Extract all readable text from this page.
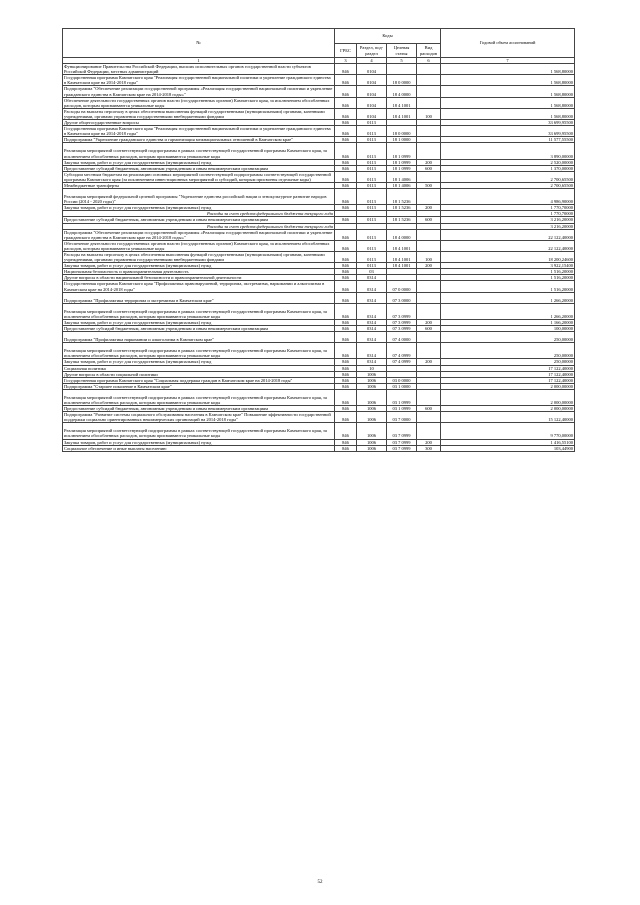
№	Коды				Годовой объем ассигнований
	ГРБС	Раздел, под-раздел	Целевая статья	Вид расходов	
1	3	4	5	6	7
Функционирование Правительства Российской Федерации, высших исполнительных органов государственной власти субъектов Российской Федерации, местных администраций	846	0104			1 568,80000
Государственная программа Камчатского края "Реализация государственной национальной политики и укрепление гражданского единства в Камчатском крае на 2014-2018 годы"	846	0104	18 0 0000		1 568,80000
Подпрограмма "Обеспечение реализации государственной программы «Реализация государственной национальной политики и укрепление гражданского единства в Камчатском крае на 2014-2018 годы»"	846	0104	18 4 0000		1 568,80000
Обеспечение деятельности государственных органов власти (государственных органов) Камчатского края, за исключением обособленных расходов, которым присваиваются уникальные коды	846	0104	18 4 1001		1 568,80000
Расходы на выплаты персоналу в целях обеспечения выполнения функций государственными (муниципальными) органами, казенными учреждениями, органами управления государственными внебюджетными фондами	846	0104	18 4 1001	100	1 568,80000
Другие общегосударственные вопросы	846	0113			33 699,95500
Государственная программа Камчатского края "Реализация государственной национальной политики и укрепление гражданского единства в Камчатском крае на 2014-2018 годы"	846	0113	18 0 0000		33 699,95500
Подпрограмма "Укрепление гражданского единства и гармонизация межнациональных отношений в Камчатском крае"	846	0113	18 1 0000		11 577,55500
Реализация мероприятий соответствующей подпрограммы в рамках соответствующей государственной программы Камчатского края, за исключением обособленных расходов, которым присваиваются уникальные коды	846	0113	18 1 0999		3 890,00000
Закупка товаров, работ и услуг для государственных (муниципальных) нужд	846	0113	18 1 0999	200	2 520,00000
Предоставление субсидий бюджетным, автономным учреждениям и иным некоммерческим организациям	846	0113	18 1 0999	600	1 370,00000
Субсидии местным бюджетам на реализацию основных мероприятий соответствующей подпрограммы соответствующей государственной программы Камчатского края (за исключением инвестиционных мероприятий и субсидий, которым присвоены отдельные коды)	846	0113	18 1 4006		2 700,65500
Межбюджетные трансферты	846	0113	18 1 4006	500	2 700,65500
Реализация мероприятий федеральной целевой программы "Укрепление единства российской нации и этнокультурное развитие народов России (2014 - 2020 годы)"	846	0113	18 1 5236		4 986,90000
Закупка товаров, работ и услуг для государственных (муниципальных) нужд	846	0113	18 1 5236	200	1 770,70000
Расходы за счет средств федерального бюджета текущего года					1 770,70000
Предоставление субсидий бюджетным, автономным учреждениям и иным некоммерческим организациям	846	0113	18 1 5236	600	3 216,20000
Расходы за счет средств федерального бюджета текущего года					3 216,20000
Подпрограмма "Обеспечение реализации государственной программы «Реализация государственной национальной политики и укрепление гражданского единства в Камчатском крае на 2014-2018 годы»"	846	0113	18 4 0000		22 122,40000
Обеспечение деятельности государственных органов власти (государственных органов) Камчатского края, за исключением обособленных расходов, которым присваиваются уникальные коды	846	0113	18 4 1001		22 122,40000
Расходы на выплаты персоналу в целях обеспечения выполнения функций государственными (муниципальными) органами, казенными учреждениями, органами управления государственными внебюджетными фондами	846	0113	18 4 1001	100	18 200,24600
Закупка товаров, работ и услуг для государственных (муниципальных) нужд	846	0113	18 4 1001	200	3 922,15400
Национальная безопасность и правоохранительная деятельность	846	03			1 516,20000
Другие вопросы в области национальной безопасности и правоохранительной деятельности	846	0314			1 516,20000
Государственная программа Камчатского края "Профилактика правонарушений, терроризма, экстремизма, наркомании и алкоголизма в Камчатском крае на 2014-2018 годы"	846	0314	07 0 0000		1 516,20000
Подпрограмма "Профилактика терроризма и экстремизма в Камчатском крае"	846	0314	07 3 0000		1 266,20000
Реализация мероприятий соответствующей подпрограммы в рамках соответствующей государственной программы Камчатского края, за исключением обособленных расходов, которым присваиваются уникальные коды	846	0314	07 3 0999		1 266,20000
Закупка товаров, работ и услуг для государственных (муниципальных) нужд	846	0314	07 3 0999	200	1 166,20000
Предоставление субсидий бюджетным, автономным учреждениям и иным некоммерческим организациям	846	0314	07 3 0999	600	100,00000
Подпрограмма "Профилактика наркомании и алкоголизма в Камчатском крае"	846	0314	07 4 0000		250,00000
Реализация мероприятий соответствующей подпрограммы в рамках соответствующей государственной программы Камчатского края, за исключением обособленных расходов, которым присваиваются уникальные коды	846	0314	07 4 0999		250,00000
Закупка товаров, работ и услуг для государственных (муниципальных) нужд	846	0314	07 4 0999	200	250,00000
Социальная политика	846	10			17 122,40000
Другие вопросы в области социальной политики	846	1006			17 122,40000
Государственная программа Камчатского края "Социальная поддержка граждан в Камчатском крае на 2014-2018 годы"	846	1006	03 0 0000		17 122,40000
Подпрограмма "Старшее поколение в Камчатском крае"	846	1006	03 1 0000		2 000,00000
Реализация мероприятий соответствующей подпрограммы в рамках соответствующей государственной программы Камчатского края, за исключением обособленных расходов, которым присваиваются уникальные коды	846	1006	03 1 0999		2 000,00000
Предоставление субсидий бюджетным, автономным учреждениям и иным некоммерческим организациям	846	1006	03 1 0999	600	2 000,00000
Подпрограмма "Развитие системы социального обслуживания населения в Камчатском крае" Повышение эффективности государственной поддержки социально ориентированных некоммерческих организаций на 2014-2018 годы"	846	1006	03 7 0000		15 122,40000
Реализация мероприятий соответствующей подпрограммы в рамках соответствующей государственной программы Камчатского края, за исключением обособленных расходов, которым присваиваются уникальные коды	846	1006	03 7 0999		9 770,00000
Закупка товаров, работ и услуг для государственных (муниципальных) нужд	846	1006	03 7 0999	200	1 416,55100
Социальное обеспечение и иные выплаты населению	846	1006	03 7 0999	300	103,44900
52
